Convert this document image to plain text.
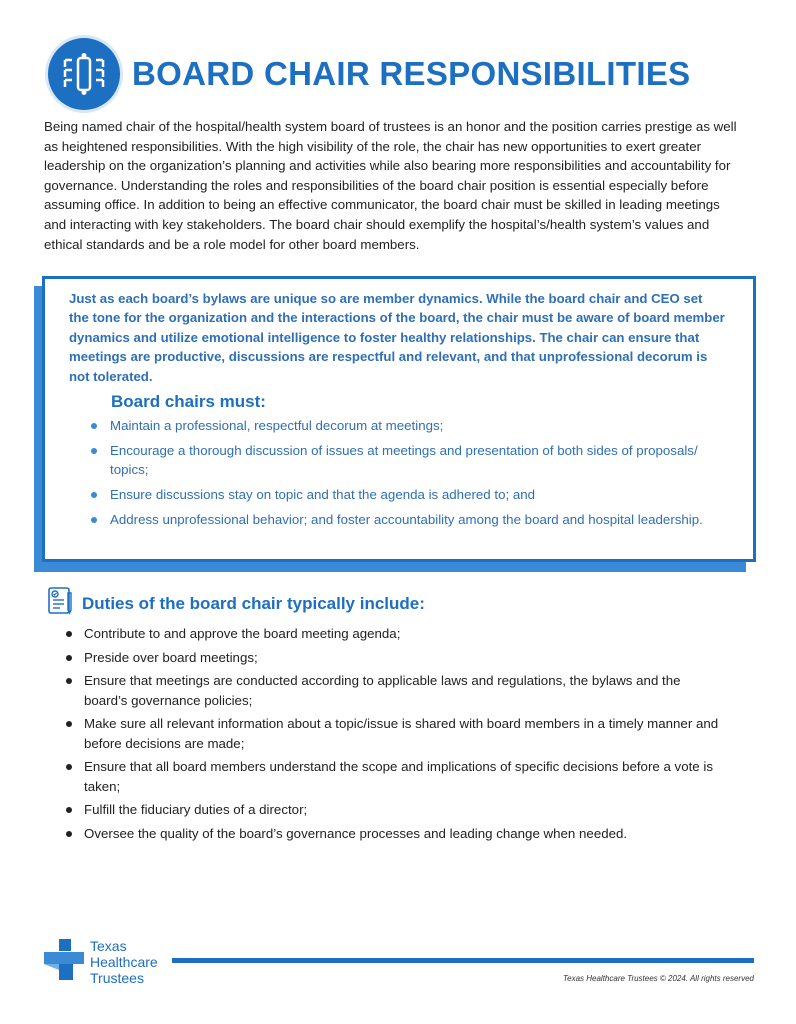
BOARD CHAIR RESPONSIBILITIES
Being named chair of the hospital/health system board of trustees is an honor and the position carries prestige as well as heightened responsibilities. With the high visibility of the role, the chair has new opportunities to exert greater leadership on the organization’s planning and activities while also bearing more responsibilities and accountability for governance. Understanding the roles and responsibilities of the board chair position is essential especially before assuming office. In addition to being an effective communicator, the board chair must be skilled in leading meetings and interacting with key stakeholders. The board chair should exemplify the hospital’s/health system’s values and ethical standards and be a role model for other board members.
Just as each board’s bylaws are unique so are member dynamics. While the board chair and CEO set the tone for the organization and the interactions of the board, the chair must be aware of board member dynamics and utilize emotional intelligence to foster healthy relationships. The chair can ensure that meetings are productive, discussions are respectful and relevant, and that unprofessional decorum is not tolerated.
Board chairs must:
Maintain a professional, respectful decorum at meetings;
Encourage a thorough discussion of issues at meetings and presentation of both sides of proposals/ topics;
Ensure discussions stay on topic and that the agenda is adhered to; and
Address unprofessional behavior; and foster accountability among the board and hospital leadership.
Duties of the board chair typically include:
Contribute to and approve the board meeting agenda;
Preside over board meetings;
Ensure that meetings are conducted according to applicable laws and regulations, the bylaws and the board’s governance policies;
Make sure all relevant information about a topic/issue is shared with board members in a timely manner and before decisions are made;
Ensure that all board members understand the scope and implications of specific decisions before a vote is taken;
Fulfill the fiduciary duties of a director;
Oversee the quality of the board’s governance processes and leading change when needed.
Texas
Healthcare
Trustees	Texas Healthcare Trustees © 2024. All rights reserved
